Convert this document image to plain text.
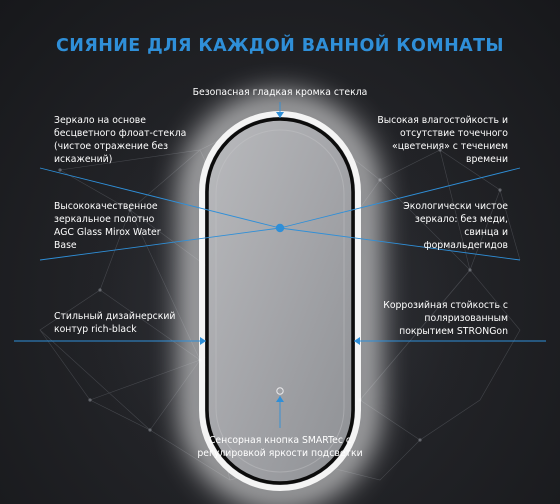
СИЯНИЕ ДЛЯ КАЖДОЙ ВАННОЙ КОМНАТЫ
Безопасная гладкая кромка стекла
Зеркало на основе бесцветного флоат-стекла (чистое отражение без искажений)
Высококачественное зеркальное полотно AGC Glass Mirox Water Base
Стильный дизайнерский контур rich-black
Высокая влагостойкость и отсутствие точечного «цветения» с течением времени
Экологически чистое зеркало: без меди, свинца и формальдегидов
Коррозийная стойкость с поляризованным покрытием STRONGon
Сенсорная кнопка SMARTec с регулировкой яркости подсветки
